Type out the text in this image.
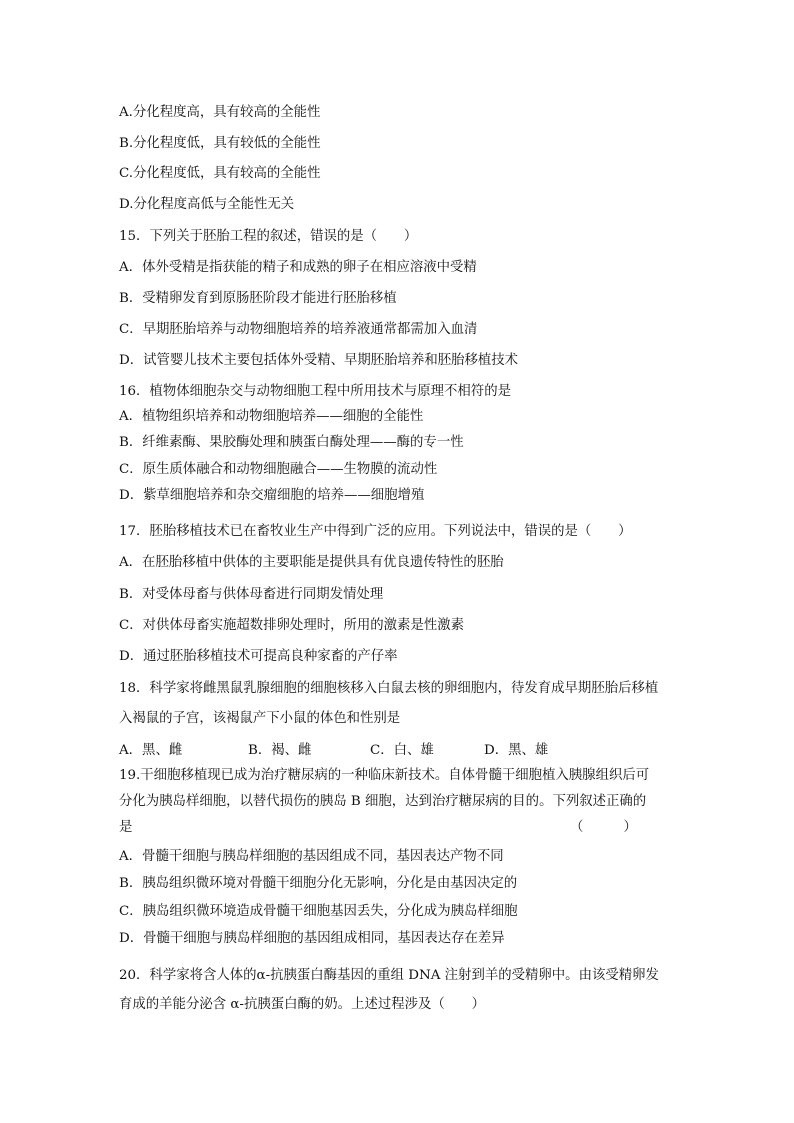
A.分化程度高，具有较高的全能性
B.分化程度低，具有较低的全能性
C.分化程度低，具有较高的全能性
D.分化程度高低与全能性无关
15．下列关于胚胎工程的叙述，错误的是（　　）
A．体外受精是指获能的精子和成熟的卵子在相应溶液中受精
B．受精卵发育到原肠胚阶段才能进行胚胎移植
C．早期胚胎培养与动物细胞培养的培养液通常都需加入血清
D．试管婴儿技术主要包括体外受精、早期胚胎培养和胚胎移植技术
16．植物体细胞杂交与动物细胞工程中所用技术与原理不相符的是
A．植物组织培养和动物细胞培养——细胞的全能性
B．纤维素酶、果胶酶处理和胰蛋白酶处理——酶的专一性
C．原生质体融合和动物细胞融合——生物膜的流动性
D．紫草细胞培养和杂交瘤细胞的培养——细胞增殖
17．胚胎移植技术已在畜牧业生产中得到广泛的应用。下列说法中，错误的是（　　）
A．在胚胎移植中供体的主要职能是提供具有优良遗传特性的胚胎
B．对受体母畜与供体母畜进行同期发情处理
C．对供体母畜实施超数排卵处理时，所用的激素是性激素
D．通过胚胎移植技术可提高良种家畜的产仔率
18．科学家将雌黑鼠乳腺细胞的细胞核移入白鼠去核的卵细胞内，待发育成早期胚胎后移植
入褐鼠的子宫，该褐鼠产下小鼠的体色和性别是
A．黑、雌	B．褐、雌	C．白、雄	D．黑、雄
19.干细胞移植现已成为治疗糖尿病的一种临床新技术。自体骨髓干细胞植入胰腺组织后可
分化为胰岛样细胞，以替代损伤的胰岛 B 细胞，达到治疗糖尿病的目的。下列叙述正确的
是	（　　　）
A．骨髓干细胞与胰岛样细胞的基因组成不同，基因表达产物不同
B．胰岛组织微环境对骨髓干细胞分化无影响，分化是由基因决定的
C．胰岛组织微环境造成骨髓干细胞基因丢失，分化成为胰岛样细胞
D．骨髓干细胞与胰岛样细胞的基因组成相同，基因表达存在差异
20．科学家将含人体的α-抗胰蛋白酶基因的重组 DNA 注射到羊的受精卵中。由该受精卵发
育成的羊能分泌含 α-抗胰蛋白酶的奶。上述过程涉及（　　）
